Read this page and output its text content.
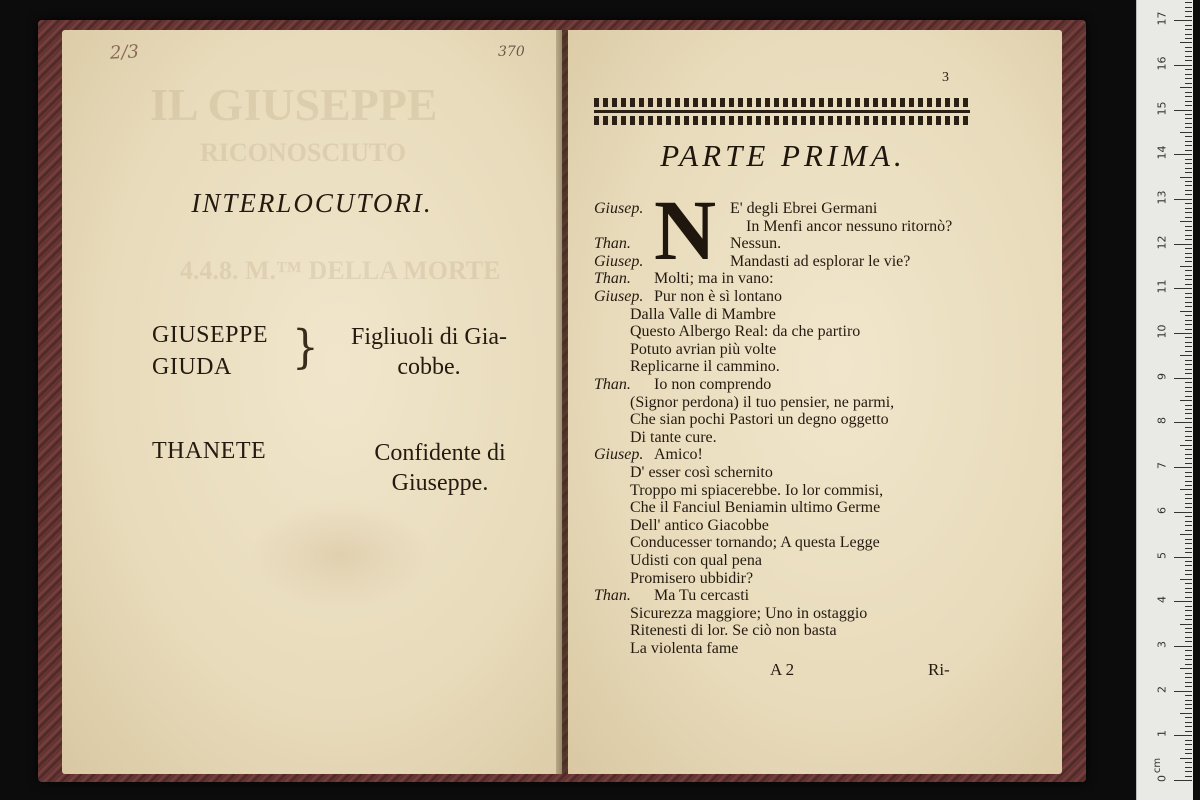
IL GIUSEPPE
RICONOSCIUTO
4.4.8. M.™ DELLA MORTE
2/3	370
INTERLOCUTORI.
GIUSEPPE
GIUDA }	Figliuoli di Gia-
cobbe.
THANETE	Confidente di
Giuseppe.
3
PARTE PRIMA.
N
Giusep.	E' degli Ebrei Germani
In Menfi ancor nessuno ritornò?
Than.	Nessun.
Giusep.	Mandasti ad esplorar le vie?
Than. Molti; ma in vano:
Giusep. Pur non è sì lontano
Dalla Valle di Mambre
Questo Albergo Real: da che partiro
Potuto avrian più volte
Replicarne il cammino.
Than. Io non comprendo
(Signor perdona) il tuo pensier, ne parmi,
Che sian pochi Pastori un degno oggetto
Di tante cure.
Giusep. Amico!
D' esser così schernito
Troppo mi spiacerebbe. Io lor commisi,
Che il Fanciul Beniamin ultimo Germe
Dell' antico Giacobbe
Conducesser tornando; A questa Legge
Udisti con qual pena
Promisero ubbidir?
Than. Ma Tu cercasti
Sicurezza maggiore; Uno in ostaggio
Ritenesti di lor. Se ciò non basta
La violenta fame
A 2	Ri-
0
1
2
3
4
5
6
7
8
9
10
11
12
13
14
15
16
17
cm
